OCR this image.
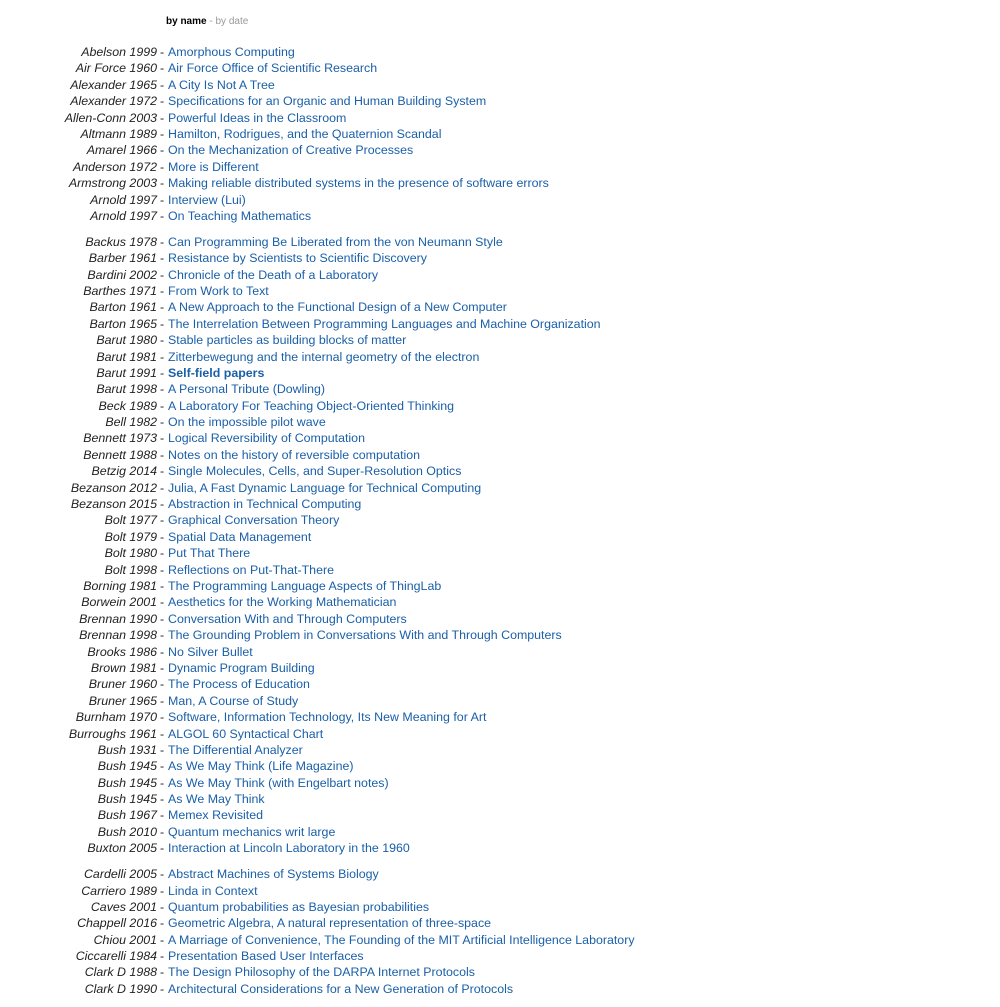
by name - by date
Abelson 1999 - Amorphous Computing
Air Force 1960 - Air Force Office of Scientific Research
Alexander 1965 - A City Is Not A Tree
Alexander 1972 - Specifications for an Organic and Human Building System
Allen-Conn 2003 - Powerful Ideas in the Classroom
Altmann 1989 - Hamilton, Rodrigues, and the Quaternion Scandal
Amarel 1966 - On the Mechanization of Creative Processes
Anderson 1972 - More is Different
Armstrong 2003 - Making reliable distributed systems in the presence of software errors
Arnold 1997 - Interview (Lui)
Arnold 1997 - On Teaching Mathematics
Backus 1978 - Can Programming Be Liberated from the von Neumann Style
Barber 1961 - Resistance by Scientists to Scientific Discovery
Bardini 2002 - Chronicle of the Death of a Laboratory
Barthes 1971 - From Work to Text
Barton 1961 - A New Approach to the Functional Design of a New Computer
Barton 1965 - The Interrelation Between Programming Languages and Machine Organization
Barut 1980 - Stable particles as building blocks of matter
Barut 1981 - Zitterbewegung and the internal geometry of the electron
Barut 1991 - Self-field papers
Barut 1998 - A Personal Tribute (Dowling)
Beck 1989 - A Laboratory For Teaching Object-Oriented Thinking
Bell 1982 - On the impossible pilot wave
Bennett 1973 - Logical Reversibility of Computation
Bennett 1988 - Notes on the history of reversible computation
Betzig 2014 - Single Molecules, Cells, and Super-Resolution Optics
Bezanson 2012 - Julia, A Fast Dynamic Language for Technical Computing
Bezanson 2015 - Abstraction in Technical Computing
Bolt 1977 - Graphical Conversation Theory
Bolt 1979 - Spatial Data Management
Bolt 1980 - Put That There
Bolt 1998 - Reflections on Put-That-There
Borning 1981 - The Programming Language Aspects of ThingLab
Borwein 2001 - Aesthetics for the Working Mathematician
Brennan 1990 - Conversation With and Through Computers
Brennan 1998 - The Grounding Problem in Conversations With and Through Computers
Brooks 1986 - No Silver Bullet
Brown 1981 - Dynamic Program Building
Bruner 1960 - The Process of Education
Bruner 1965 - Man, A Course of Study
Burnham 1970 - Software, Information Technology, Its New Meaning for Art
Burroughs 1961 - ALGOL 60 Syntactical Chart
Bush 1931 - The Differential Analyzer
Bush 1945 - As We May Think (Life Magazine)
Bush 1945 - As We May Think (with Engelbart notes)
Bush 1945 - As We May Think
Bush 1967 - Memex Revisited
Bush 2010 - Quantum mechanics writ large
Buxton 2005 - Interaction at Lincoln Laboratory in the 1960
Cardelli 2005 - Abstract Machines of Systems Biology
Carriero 1989 - Linda in Context
Caves 2001 - Quantum probabilities as Bayesian probabilities
Chappell 2016 - Geometric Algebra, A natural representation of three-space
Chiou 2001 - A Marriage of Convenience, The Founding of the MIT Artificial Intelligence Laboratory
Ciccarelli 1984 - Presentation Based User Interfaces
Clark D 1988 - The Design Philosophy of the DARPA Internet Protocols
Clark D 1990 - Architectural Considerations for a New Generation of Protocols
